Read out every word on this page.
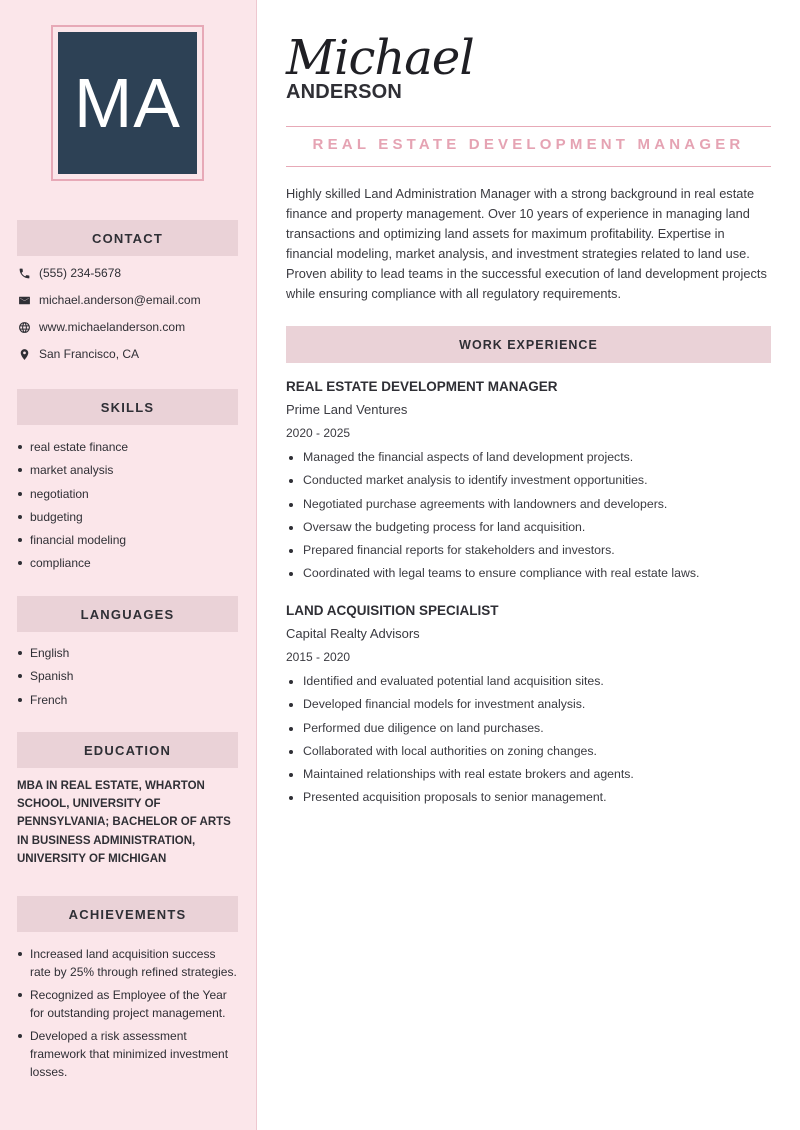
MA
CONTACT
(555) 234-5678
michael.anderson@email.com
www.michaelanderson.com
San Francisco, CA
SKILLS
real estate finance
market analysis
negotiation
budgeting
financial modeling
compliance
LANGUAGES
English
Spanish
French
EDUCATION
MBA IN REAL ESTATE, WHARTON SCHOOL, UNIVERSITY OF PENNSYLVANIA; BACHELOR OF ARTS IN BUSINESS ADMINISTRATION, UNIVERSITY OF MICHIGAN
ACHIEVEMENTS
Increased land acquisition success rate by 25% through refined strategies.
Recognized as Employee of the Year for outstanding project management.
Developed a risk assessment framework that minimized investment losses.
Michael
ANDERSON
REAL ESTATE DEVELOPMENT MANAGER

Highly skilled Land Administration Manager with a strong background in real estate finance and property management. Over 10 years of experience in managing land transactions and optimizing land assets for maximum profitability. Expertise in financial modeling, market analysis, and investment strategies related to land use. Proven ability to lead teams in the successful execution of land development projects while ensuring compliance with all regulatory requirements.

WORK EXPERIENCE
REAL ESTATE DEVELOPMENT MANAGER
Prime Land Ventures
2020 - 2025
Managed the financial aspects of land development projects.
Conducted market analysis to identify investment opportunities.
Negotiated purchase agreements with landowners and developers.
Oversaw the budgeting process for land acquisition.
Prepared financial reports for stakeholders and investors.
Coordinated with legal teams to ensure compliance with real estate laws.
LAND ACQUISITION SPECIALIST
Capital Realty Advisors
2015 - 2020
Identified and evaluated potential land acquisition sites.
Developed financial models for investment analysis.
Performed due diligence on land purchases.
Collaborated with local authorities on zoning changes.
Maintained relationships with real estate brokers and agents.
Presented acquisition proposals to senior management.
